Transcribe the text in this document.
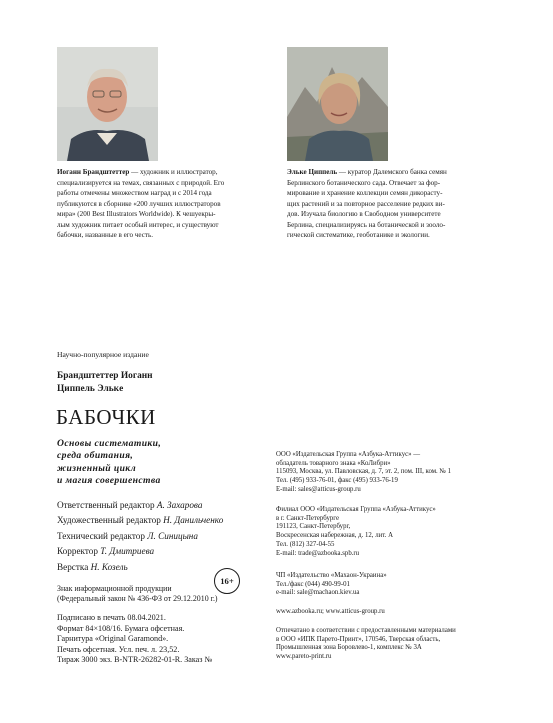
Иоганн Брандштеттер — художник и иллюстратор,
специализируется на темах, связанных с природой. Его
работы отмечены множеством наград и с 2014 года
публикуются в сборнике «200 лучших иллюстраторов
мира» (200 Best Illustrators Worldwide). К чешуекры-
лым художник питает особый интерес, и существуют
бабочки, названные в его честь.
Элькe Циппель — куратор Далемского банка семян
Берлинского ботанического сада. Отвечает за фор-
мирование и хранение коллекции семян дикорасту-
щих растений и за повторное расселение редких ви-
дов. Изучала биологию в Свободном университете
Берлина, специализируясь на ботанической и зооло-
гической систематике, геоботанике и экологии.
Научно-популярное издание
Брандштеттер Иоганн
Циппель Элькe
БАБОЧКИ
Основы систематики,
среда обитания,
жизненный цикл
и магия совершенства
Ответственный редактор А. Захарова
Художественный редактор Н. Данильченко
Технический редактор Л. Синицына
Корректор Т. Дмитриева
Верстка Н. Козель
Знак информационной продукции
(Федеральный закон № 436-ФЗ от 29.12.2010 г.)
16+
Подписано в печать 08.04.2021.
Формат 84×108/16. Бумага офсетная.
Гарнитура «Original Garamond».
Печать офсетная. Усл. печ. л. 23,52.
Тираж 3000 экз. B-NTR-26282-01-R. Заказ №
ООО «Издательская Группа «Азбука-Аттикус» —
обладатель товарного знака «КоЛибри»
115093, Москва, ул. Павловская, д. 7, эт. 2, пом. III, ком. № 1
Тел. (495) 933-76-01, факс (495) 933-76-19
E-mail: sales@atticus-group.ru
Филиал ООО «Издательская Группа «Азбука-Аттикус»
в г. Санкт-Петербурге
191123, Санкт-Петербург,
Воскресенская набережная, д. 12, лит. А
Тел. (812) 327-04-55
E-mail: trade@azbooka.spb.ru
ЧП «Издательство «Махаон-Украина»
Тел./факс (044) 490-99-01
e-mail: sale@machaon.kiev.ua
www.azbooka.ru; www.atticus-group.ru
Отпечатано в соответствии с предоставленными материалами
в ООО «ИПК Парето-Принт», 170546, Тверская область,
Промышленная зона Боровлево-1, комплекс № 3А
www.pareto-print.ru
